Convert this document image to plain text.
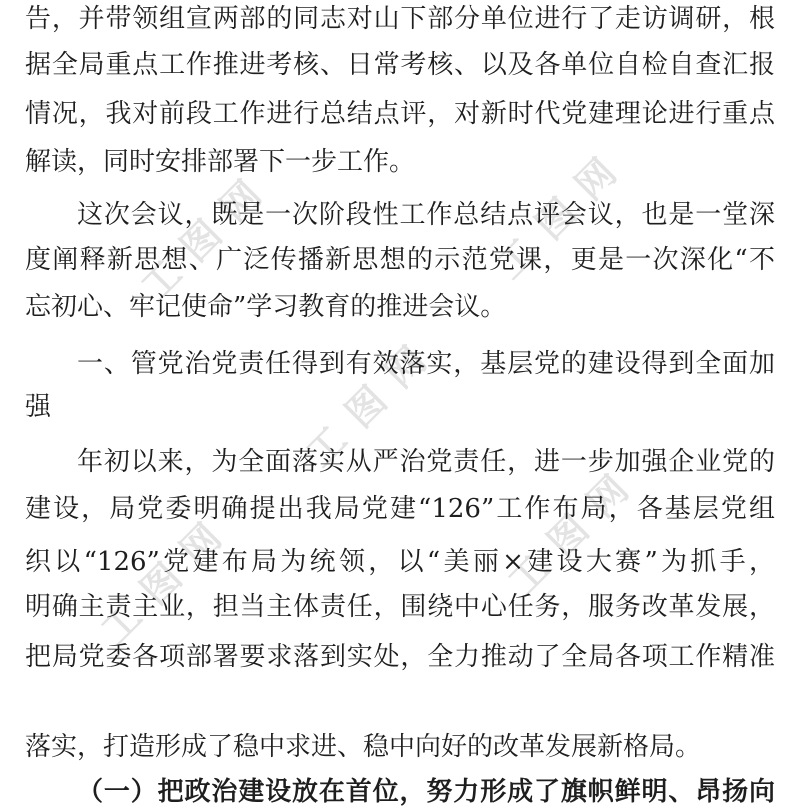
工图网
工图网
工图网
工图网
工图网
告，并带领组宣两部的同志对山下部分单位进行了走访调研，根
据全局重点工作推进考核、日常考核、以及各单位自检自查汇报
情况，我对前段工作进行总结点评，对新时代党建理论进行重点
解读，同时安排部署下一步工作。
这次会议，既是一次阶段性工作总结点评会议，也是一堂深
度阐释新思想、广泛传播新思想的示范党课，更是一次深化“不
忘初心、牢记使命”学习教育的推进会议。
一、管党治党责任得到有效落实，基层党的建设得到全面加
强
年初以来，为全面落实从严治党责任，进一步加强企业党的
建设，局党委明确提出我局党建“126”工作布局，各基层党组
织以“126”党建布局为统领，以“美丽×建设大赛”为抓手，
明确主责主业，担当主体责任，围绕中心任务，服务改革发展，
把局党委各项部署要求落到实处，全力推动了全局各项工作精准
落实，打造形成了稳中求进、稳中向好的改革发展新格局。
（一）把政治建设放在首位，努力形成了旗帜鲜明、昂扬向
